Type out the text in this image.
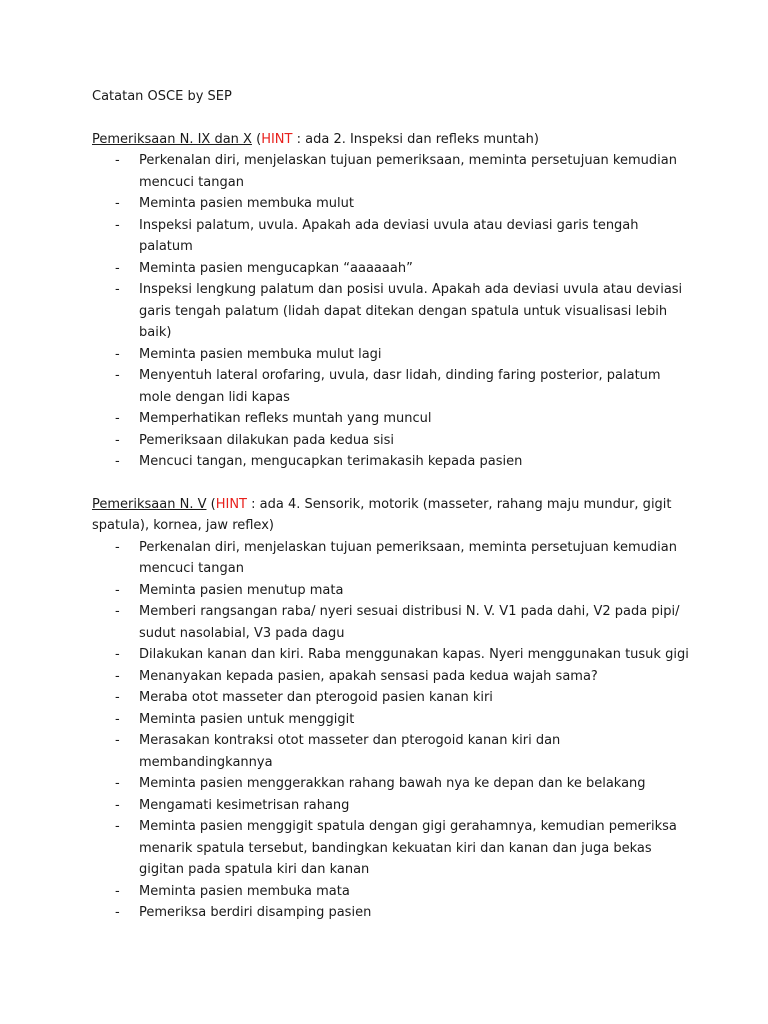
Catatan OSCE by SEP

Pemeriksaan N. IX dan X (HINT : ada 2. Inspeksi dan refleks muntah)

- Perkenalan diri, menjelaskan tujuan pemeriksaan, meminta persetujuan kemudian mencuci tangan
- Meminta pasien membuka mulut
- Inspeksi palatum, uvula. Apakah ada deviasi uvula atau deviasi garis tengah palatum
- Meminta pasien mengucapkan “aaaaaah”
- Inspeksi lengkung palatum dan posisi uvula. Apakah ada deviasi uvula atau deviasi garis tengah palatum (lidah dapat ditekan dengan spatula untuk visualisasi lebih baik)
- Meminta pasien membuka mulut lagi
- Menyentuh lateral orofaring, uvula, dasr lidah, dinding faring posterior, palatum mole dengan lidi kapas
- Memperhatikan refleks muntah yang muncul
- Pemeriksaan dilakukan pada kedua sisi
- Mencuci tangan, mengucapkan terimakasih kepada pasien

Pemeriksaan N. V (HINT : ada 4. Sensorik, motorik (masseter, rahang maju mundur, gigit spatula), kornea, jaw reflex)

- Perkenalan diri, menjelaskan tujuan pemeriksaan, meminta persetujuan kemudian mencuci tangan
- Meminta pasien menutup mata
- Memberi rangsangan raba/ nyeri sesuai distribusi N. V. V1 pada dahi, V2 pada pipi/ sudut nasolabial, V3 pada dagu
- Dilakukan kanan dan kiri. Raba menggunakan kapas. Nyeri menggunakan tusuk gigi
- Menanyakan kepada pasien, apakah sensasi pada kedua wajah sama?
- Meraba otot masseter dan pterogoid pasien kanan kiri
- Meminta pasien untuk menggigit
- Merasakan kontraksi otot masseter dan pterogoid kanan kiri dan membandingkannya
- Meminta pasien menggerakkan rahang bawah nya ke depan dan ke belakang
- Mengamati kesimetrisan rahang
- Meminta pasien menggigit spatula dengan gigi gerahamnya, kemudian pemeriksa menarik spatula tersebut, bandingkan kekuatan kiri dan kanan dan juga bekas gigitan pada spatula kiri dan kanan
- Meminta pasien membuka mata
- Pemeriksa berdiri disamping pasien
